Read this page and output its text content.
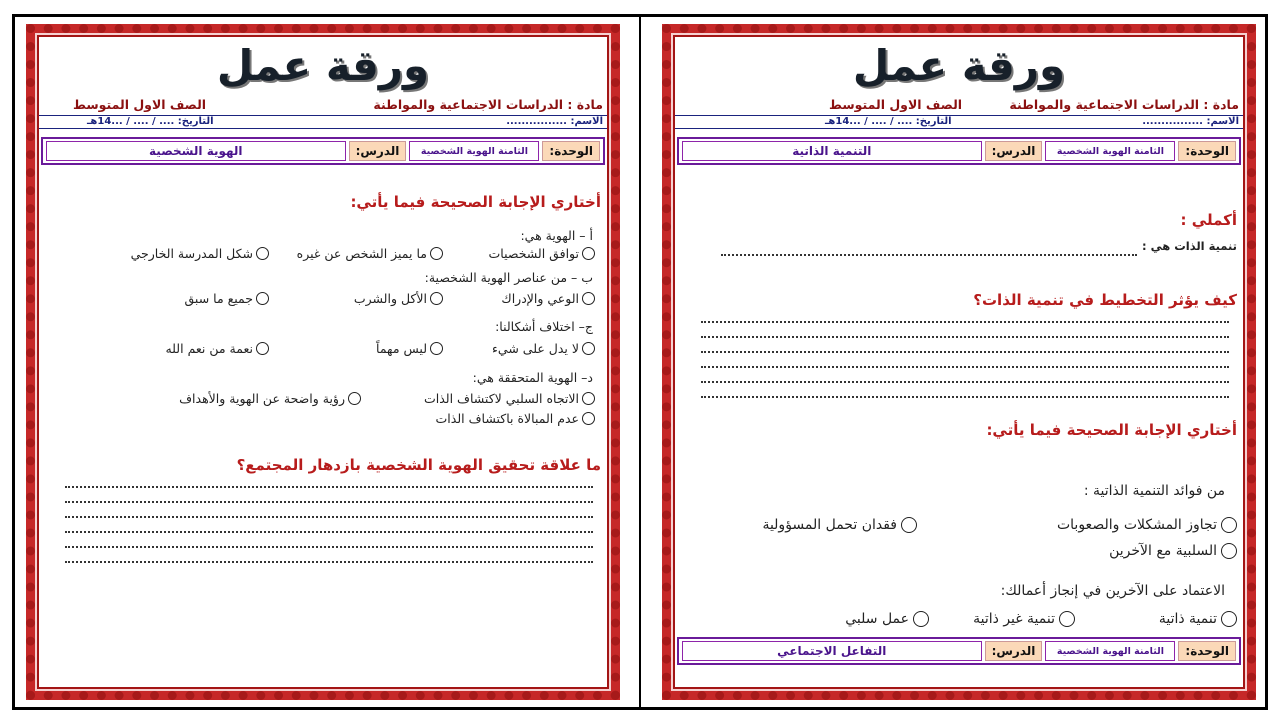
ورقة عمل
مادة : الدراسات الاجتماعية والمواطنة
الصف الاول المتوسط
الاسم: ................
التاريخ: .... / .... / ...14هـ
الوحدة:
الثامنة الهوية الشخصية
الدرس:
الهوية الشخصية
أختاري الإجابة الصحيحة فيما يأتي:
أ – الهوية هي:
توافق الشخصيات
ما يميز الشخص عن غيره
شكل المدرسة الخارجي
ب – من عناصر الهوية الشخصية:
الوعي والإدراك
الأكل والشرب
جميع ما سبق
ج– اختلاف أشكالنا:
لا يدل على شيء
ليس مهماً
نعمة من نعم الله
د– الهوية المتحققة هي:
الاتجاه السلبي لاكتشاف الذات
رؤية واضحة عن الهوية والأهداف
عدم المبالاة باكتشاف الذات
ما علاقة تحقيق الهوية الشخصية بازدهار المجتمع؟
ورقة عمل
مادة : الدراسات الاجتماعية والمواطنة
الصف الاول المتوسط
الاسم: ................
التاريخ: .... / .... / ...14هـ
الوحدة:
الثامنة الهوية الشخصية
الدرس:
التنمية الذاتية
أكملي :
تنمية الذات هي :
كيف يؤثر التخطيط في تنمية الذات؟
أختاري الإجابة الصحيحة فيما يأتي:
من فوائد التنمية الذاتية :
تجاوز المشكلات والصعوبات
فقدان تحمل المسؤولية
السلبية مع الآخرين
الاعتماد على الآخرين في إنجاز أعمالك:
تنمية ذاتية
تنمية غير ذاتية
عمل سلبي
الوحدة:
الثامنة الهوية الشخصية
الدرس:
التفاعل الاجتماعي
